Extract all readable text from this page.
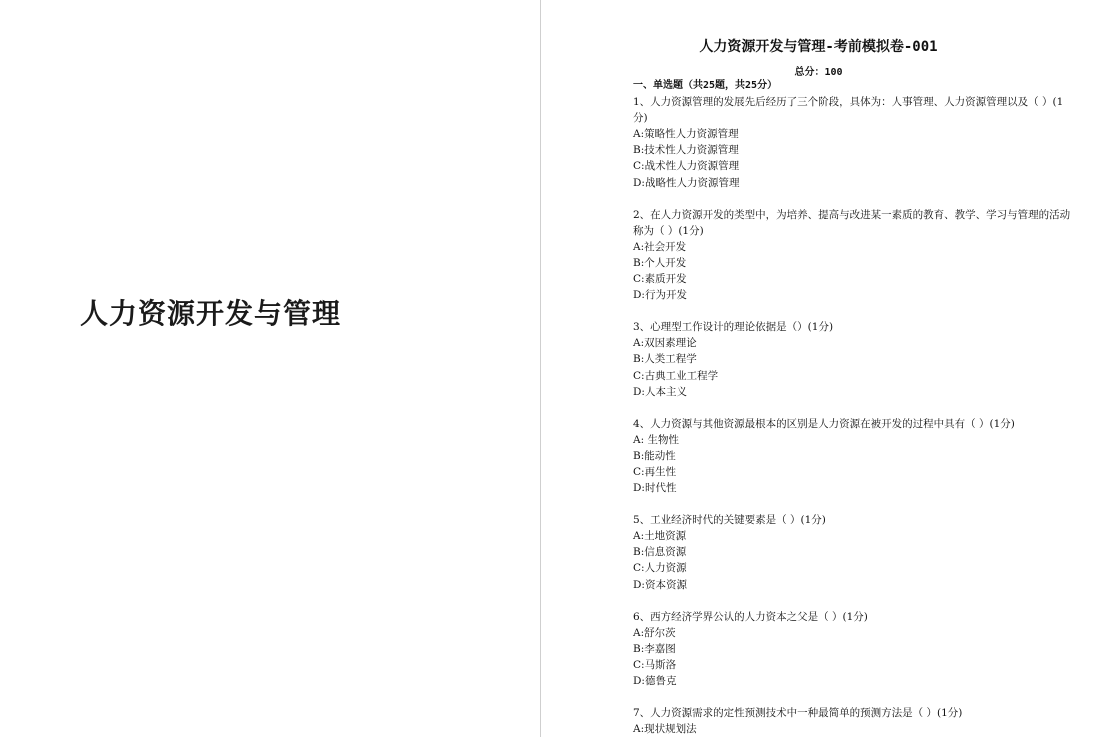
人力资源开发与管理
人力资源开发与管理-考前模拟卷-001
总分：100
一、单选题（共25题，共25分）
1、人力资源管理的发展先后经历了三个阶段，具体为：人事管理、人力资源管理以及（ ）(1分)
A:策略性人力资源管理
B:技术性人力资源管理
C:战术性人力资源管理
D:战略性人力资源管理
2、在人力资源开发的类型中，为培养、提高与改进某一素质的教育、教学、学习与管理的活动称为（ ）(1分)
A:社会开发
B:个人开发
C:素质开发
D:行为开发
3、心理型工作设计的理论依据是（）(1分)
A:双因素理论
B:人类工程学
C:古典工业工程学
D:人本主义
4、人力资源与其他资源最根本的区别是人力资源在被开发的过程中具有（ ）(1分)
A: 生物性
B:能动性
C:再生性
D:时代性
5、工业经济时代的关键要素是（ ）(1分)
A:土地资源
B:信息资源
C:人力资源
D:资本资源
6、西方经济学界公认的人力资本之父是（ ）(1分)
A:舒尔茨
B:李嘉图
C:马斯洛
D:德鲁克
7、人力资源需求的定性预测技术中一种最简单的预测方法是（ ）(1分)
A:现状规划法
